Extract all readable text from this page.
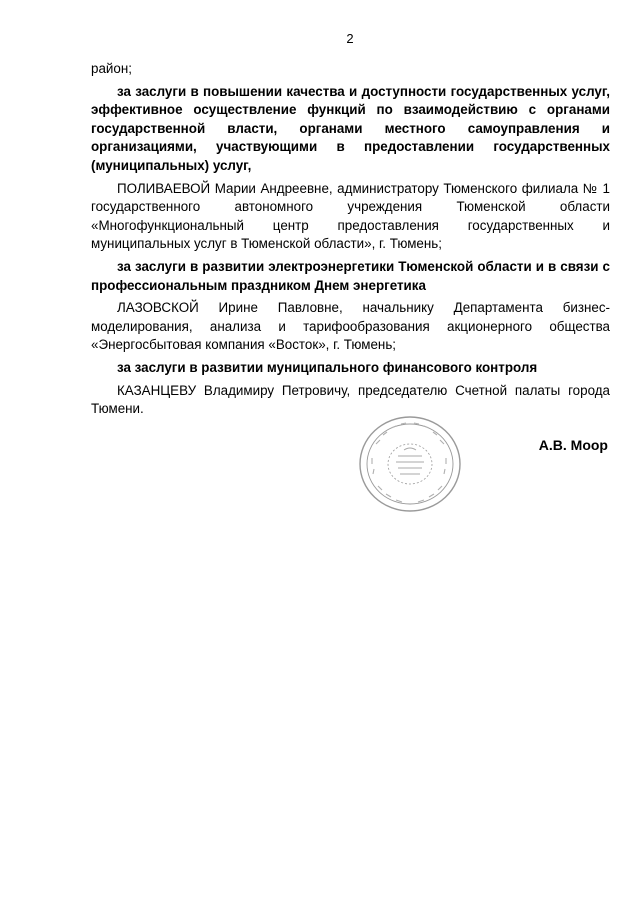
2

район;

за заслуги в повышении качества и доступности государственных услуг, эффективное осуществление функций по взаимодействию с органами государственной власти, органами местного самоуправления и организациями, участвующими в предоставлении государственных (муниципальных) услуг,

ПОЛИВАЕВОЙ Марии Андреевне, администратору Тюменского филиала № 1 государственного автономного учреждения Тюменской области «Многофункциональный центр предоставления государственных и муниципальных услуг в Тюменской области», г. Тюмень;

за заслуги в развитии электроэнергетики Тюменской области и в связи с профессиональным праздником Днем энергетика

ЛАЗОВСКОЙ Ирине Павловне, начальнику Департамента бизнес-моделирования, анализа и тарифообразования акционерного общества «Энергосбытовая компания «Восток», г. Тюмень;

за заслуги в развитии муниципального финансового контроля

КАЗАНЦЕВУ Владимиру Петровичу, председателю Счетной палаты города Тюмени.

А.В. Моор
